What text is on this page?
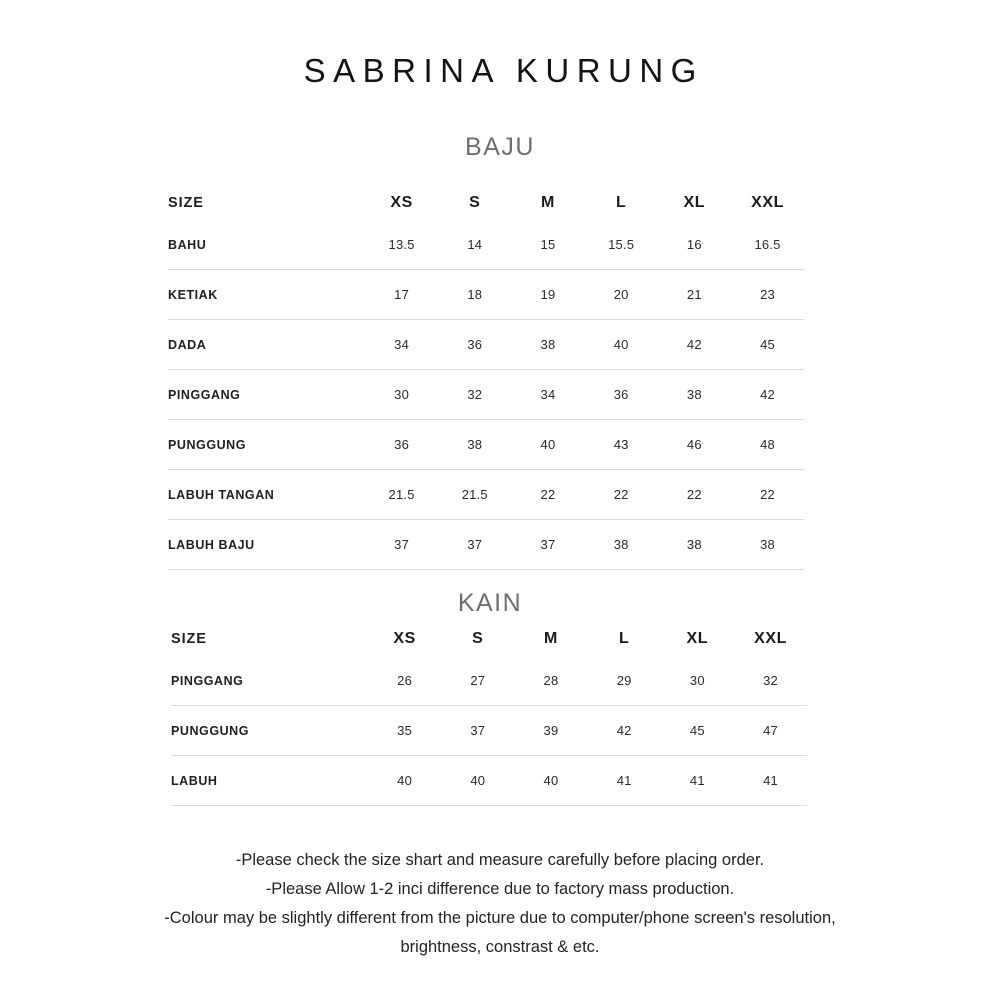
SABRINA KURUNG
BAJU
SIZE	XS	S	M	L	XL	XXL
BAHU	13.5	14	15	15.5	16	16.5
KETIAK	17	18	19	20	21	23
DADA	34	36	38	40	42	45
PINGGANG	30	32	34	36	38	42
PUNGGUNG	36	38	40	43	46	48
LABUH TANGAN	21.5	21.5	22	22	22	22
LABUH BAJU	37	37	37	38	38	38
KAIN
SIZE	XS	S	M	L	XL	XXL
PINGGANG	26	27	28	29	30	32
PUNGGUNG	35	37	39	42	45	47
LABUH	40	40	40	41	41	41
-Please check the size shart and measure carefully before placing order.
-Please Allow 1-2 inci difference due to factory mass production.
-Colour may be slightly different from the picture due to computer/phone screen's resolution,
brightness, constrast & etc.
